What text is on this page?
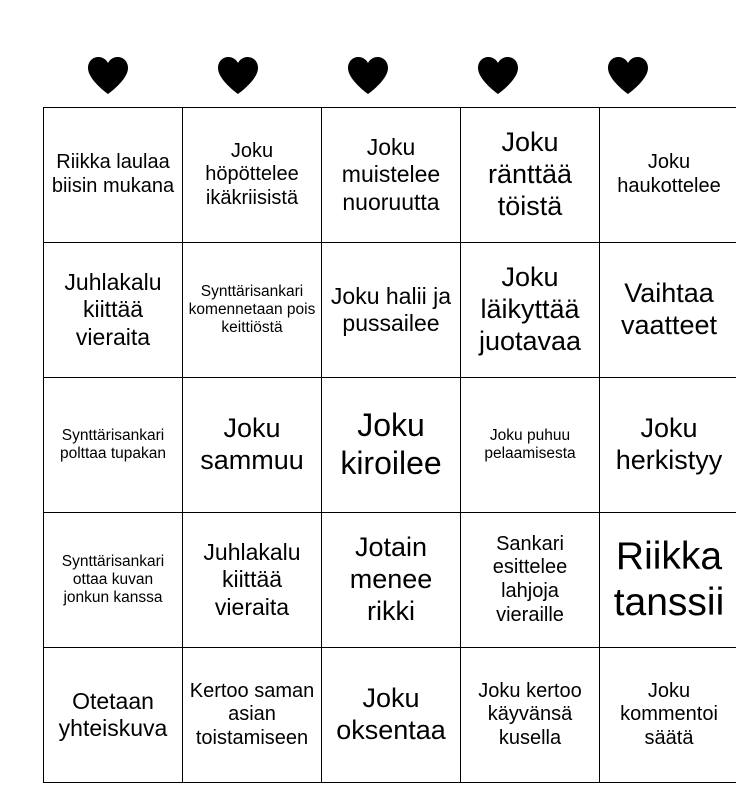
Riikka laulaa biisin mukana	Joku höpöttelee ikäkriisistä	Joku muistelee nuoruutta	Joku ränttää töistä	Joku haukottelee
Juhlakalu kiittää vieraita	Synttärisankari komennetaan pois keittiöstä	Joku halii ja pussailee	Joku läikyttää juotavaa	Vaihtaa vaatteet
Synttärisankari polttaa tupakan	Joku sammuu	Joku kiroilee	Joku puhuu pelaamisesta	Joku herkistyy
Synttärisankari ottaa kuvan jonkun kanssa	Juhlakalu kiittää vieraita	Jotain menee rikki	Sankari esittelee lahjoja vieraille	Riikka tanssii
Otetaan yhteiskuva	Kertoo saman asian toistamiseen	Joku oksentaa	Joku kertoo käyvänsä kusella	Joku kommentoi säätä
